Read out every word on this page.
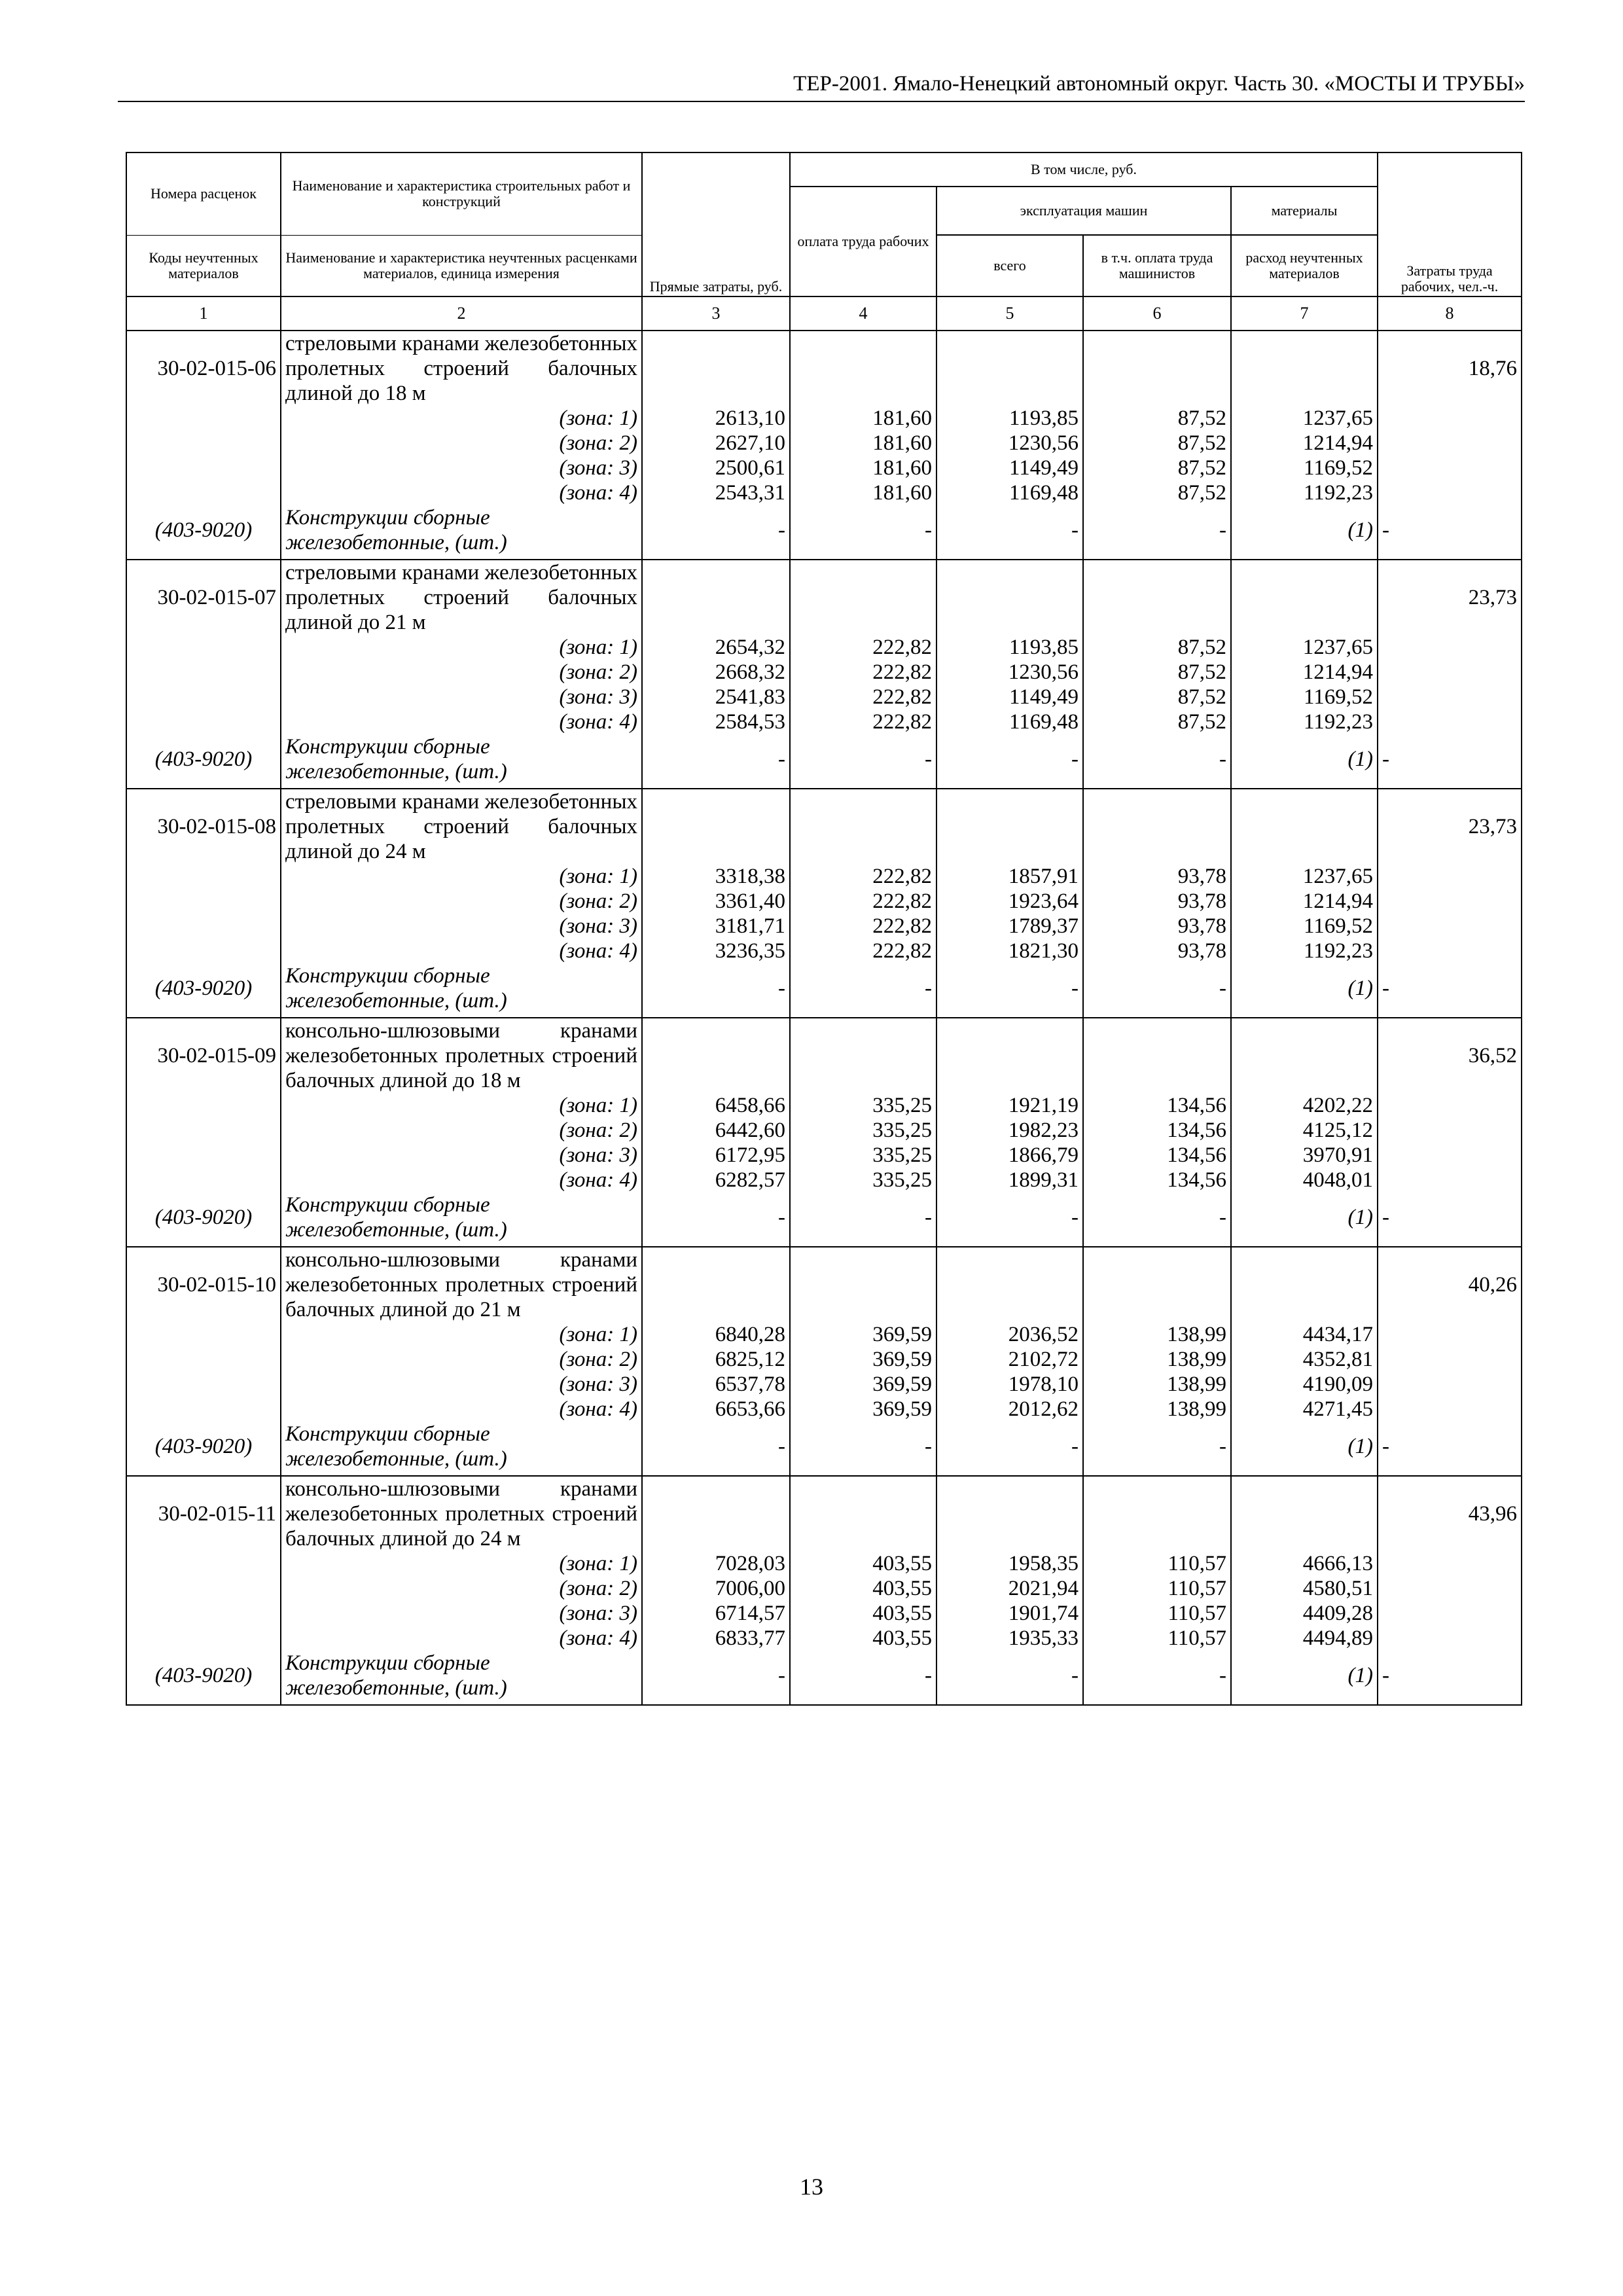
ТЕР-2001. Ямало-Ненецкий автономный округ. Часть 30. «МОСТЫ И ТРУБЫ»
Номера расценок	Наименование и характеристика строительных работ и конструкций	Прямые затраты, руб.	В том числе, руб.				Затраты труда рабочих, чел.-ч.
			оплата труда рабочих	эксплуатация машин		материалы	
Коды неучтенных материалов	Наименование и характеристика неучтенных расценками материалов, единица измерения			всего	в т.ч. оплата труда машинистов	расход неучтенных материалов	
1	2	3	4	5	6	7	8
30-02-015-06	стреловыми кранами железобетонных пролетных строений балочных длиной до 18 м						18,76
	(зона: 1)	2613,10	181,60	1193,85	87,52	1237,65	
	(зона: 2)	2627,10	181,60	1230,56	87,52	1214,94	
	(зона: 3)	2500,61	181,60	1149,49	87,52	1169,52	
	(зона: 4)	2543,31	181,60	1169,48	87,52	1192,23	
(403-9020)	Конструкции сборные железобетонные, (шт.)	-	-	-	-	(1)	-
30-02-015-07	стреловыми кранами железобетонных пролетных строений балочных длиной до 21 м						23,73
	(зона: 1)	2654,32	222,82	1193,85	87,52	1237,65	
	(зона: 2)	2668,32	222,82	1230,56	87,52	1214,94	
	(зона: 3)	2541,83	222,82	1149,49	87,52	1169,52	
	(зона: 4)	2584,53	222,82	1169,48	87,52	1192,23	
(403-9020)	Конструкции сборные железобетонные, (шт.)	-	-	-	-	(1)	-
30-02-015-08	стреловыми кранами железобетонных пролетных строений балочных длиной до 24 м						23,73
	(зона: 1)	3318,38	222,82	1857,91	93,78	1237,65	
	(зона: 2)	3361,40	222,82	1923,64	93,78	1214,94	
	(зона: 3)	3181,71	222,82	1789,37	93,78	1169,52	
	(зона: 4)	3236,35	222,82	1821,30	93,78	1192,23	
(403-9020)	Конструкции сборные железобетонные, (шт.)	-	-	-	-	(1)	-
30-02-015-09	консольно-шлюзовыми кранами железобетонных пролетных строений балочных длиной до 18 м						36,52
	(зона: 1)	6458,66	335,25	1921,19	134,56	4202,22	
	(зона: 2)	6442,60	335,25	1982,23	134,56	4125,12	
	(зона: 3)	6172,95	335,25	1866,79	134,56	3970,91	
	(зона: 4)	6282,57	335,25	1899,31	134,56	4048,01	
(403-9020)	Конструкции сборные железобетонные, (шт.)	-	-	-	-	(1)	-
30-02-015-10	консольно-шлюзовыми кранами железобетонных пролетных строений балочных длиной до 21 м						40,26
	(зона: 1)	6840,28	369,59	2036,52	138,99	4434,17	
	(зона: 2)	6825,12	369,59	2102,72	138,99	4352,81	
	(зона: 3)	6537,78	369,59	1978,10	138,99	4190,09	
	(зона: 4)	6653,66	369,59	2012,62	138,99	4271,45	
(403-9020)	Конструкции сборные железобетонные, (шт.)	-	-	-	-	(1)	-
30-02-015-11	консольно-шлюзовыми кранами железобетонных пролетных строений балочных длиной до 24 м						43,96
	(зона: 1)	7028,03	403,55	1958,35	110,57	4666,13	
	(зона: 2)	7006,00	403,55	2021,94	110,57	4580,51	
	(зона: 3)	6714,57	403,55	1901,74	110,57	4409,28	
	(зона: 4)	6833,77	403,55	1935,33	110,57	4494,89	
(403-9020)	Конструкции сборные железобетонные, (шт.)	-	-	-	-	(1)	-
13
